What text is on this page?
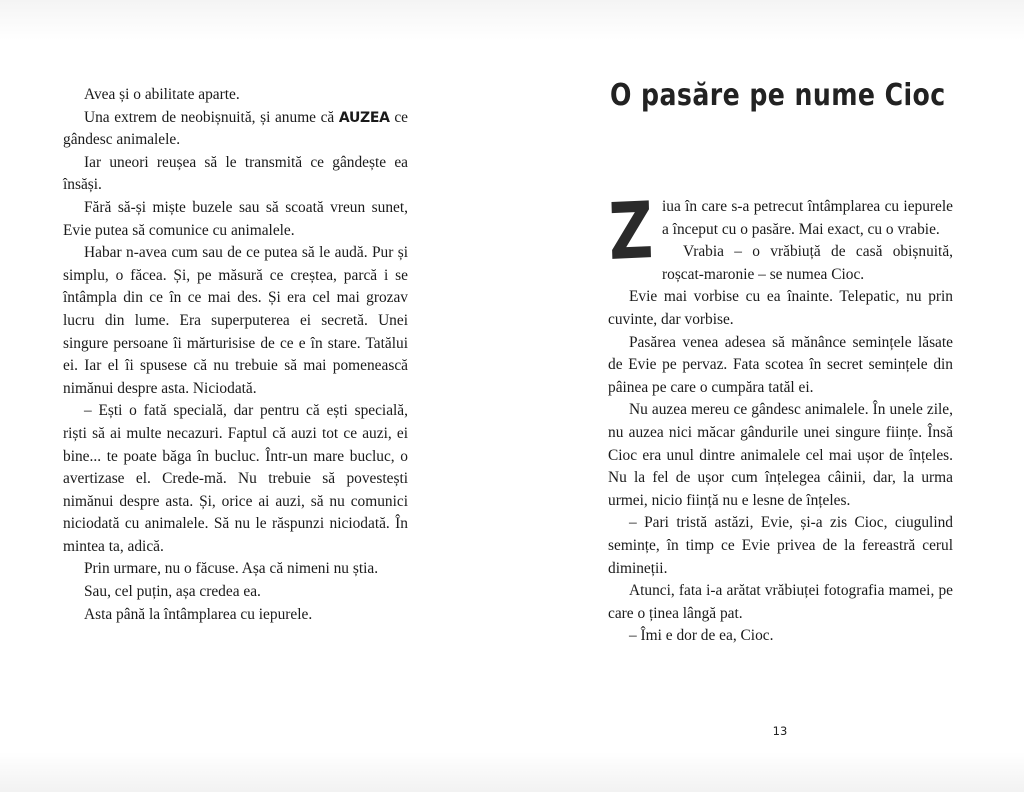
Avea și o abilitate aparte.

Una extrem de neobișnuită, și anume că AUZEA ce gândesc animalele.

Iar uneori reușea să le transmită ce gândește ea însăși.

Fără să-și miște buzele sau să scoată vreun sunet, Evie putea să comunice cu animalele.

Habar n-avea cum sau de ce putea să le audă. Pur și simplu, o făcea. Și, pe măsură ce creștea, parcă i se întâmpla din ce în ce mai des. Și era cel mai grozav lucru din lume. Era superputerea ei secretă. Unei singure persoane îi mărturisise de ce e în stare. Tatălui ei. Iar el îi spusese că nu trebuie să mai pomenească nimănui despre asta. Niciodată.

– Ești o fată specială, dar pentru că ești specială, riști să ai multe necazuri. Faptul că auzi tot ce auzi, ei bine... te poate băga în bucluc. Într-un mare bucluc, o avertizase el. Crede-mă. Nu trebuie să povestești nimănui despre asta. Și, orice ai auzi, să nu comunici niciodată cu animalele. Să nu le răspunzi niciodată. În mintea ta, adică.

Prin urmare, nu o făcuse. Așa că nimeni nu știa.

Sau, cel puțin, așa credea ea.

Asta până la întâmplarea cu iepurele.

O pasăre pe nume Cioc

Ziua în care s-a petrecut întâmplarea cu iepurele a început cu o pasăre. Mai exact, cu o vrabie.

Vrabia – o vrăbiuță de casă obișnuită, roșcat-maronie – se numea Cioc.

Evie mai vorbise cu ea înainte. Telepatic, nu prin cuvinte, dar vorbise.

Pasărea venea adesea să mănânce semințele lăsate de Evie pe pervaz. Fata scotea în secret semințele din pâinea pe care o cumpăra tatăl ei.

Nu auzea mereu ce gândesc animalele. În unele zile, nu auzea nici măcar gândurile unei singure ființe. Însă Cioc era unul dintre animalele cel mai ușor de înțeles. Nu la fel de ușor cum înțelegea câinii, dar, la urma urmei, nicio ființă nu e lesne de înțeles.

– Pari tristă astăzi, Evie, și-a zis Cioc, ciugulind semințe, în timp ce Evie privea de la fereastră cerul dimineții.

Atunci, fata i-a arătat vrăbiuței fotografia mamei, pe care o ținea lângă pat.

– Îmi e dor de ea, Cioc.

13
